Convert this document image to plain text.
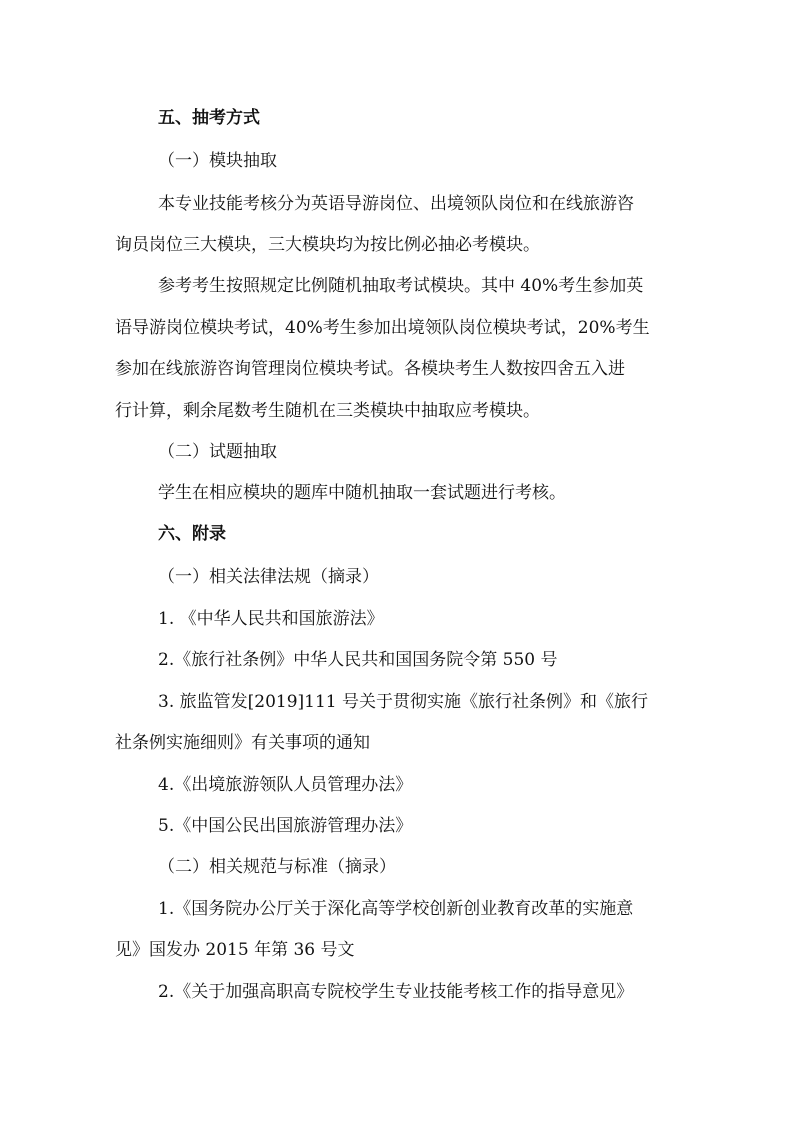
五、抽考方式
（一）模块抽取
本专业技能考核分为英语导游岗位、出境领队岗位和在线旅游咨
询员岗位三大模块，三大模块均为按比例必抽必考模块。
参考考生按照规定比例随机抽取考试模块。其中 40%考生参加英
语导游岗位模块考试，40%考生参加出境领队岗位模块考试，20%考生
参加在线旅游咨询管理岗位模块考试。各模块考生人数按四舍五入进
行计算，剩余尾数考生随机在三类模块中抽取应考模块。
（二）试题抽取
学生在相应模块的题库中随机抽取一套试题进行考核。
六、附录
（一）相关法律法规（摘录）
1. 《中华人民共和国旅游法》
2.《旅行社条例》中华人民共和国国务院令第 550 号
3. 旅监管发[2019]111 号关于贯彻实施《旅行社条例》和《旅行
社条例实施细则》有关事项的通知
4.《出境旅游领队人员管理办法》
5.《中国公民出国旅游管理办法》
（二）相关规范与标准（摘录）
1.《国务院办公厅关于深化高等学校创新创业教育改革的实施意
见》国发办 2015 年第 36 号文
2.《关于加强高职高专院校学生专业技能考核工作的指导意见》
